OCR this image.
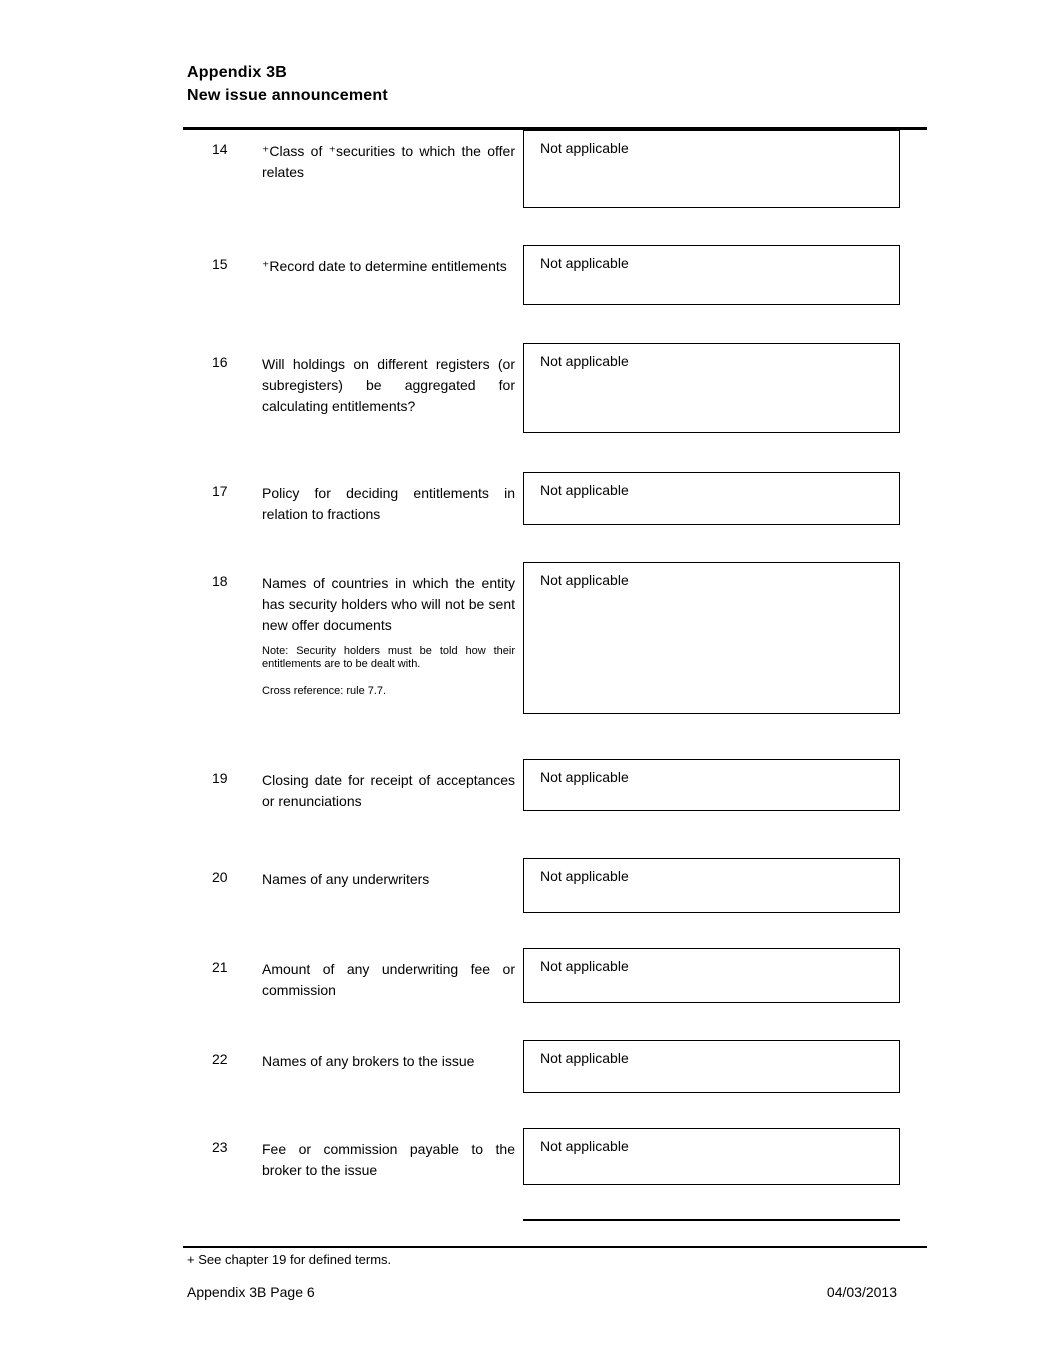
Appendix 3B
New issue announcement
14 ⁺Class of ⁺securities to which the offer relates
Not applicable
15 ⁺Record date to determine entitlements	Not applicable
16 Will holdings on different registers (or subregisters) be aggregated for calculating entitlements?
Not applicable
17 Policy for deciding entitlements in relation to fractions
Not applicable
18 Names of countries in which the entity has security holders who will not be sent new offer documents
Note: Security holders must be told how their entitlements are to be dealt with.
Cross reference: rule 7.7.
Not applicable
19 Closing date for receipt of acceptances or renunciations
Not applicable
20 Names of any underwriters	Not applicable
21 Amount of any underwriting fee or commission
Not applicable
22 Names of any brokers to the issue	Not applicable
23 Fee or commission payable to the broker to the issue
Not applicable
+ See chapter 19 for defined terms.
Appendix 3B Page 6	04/03/2013
